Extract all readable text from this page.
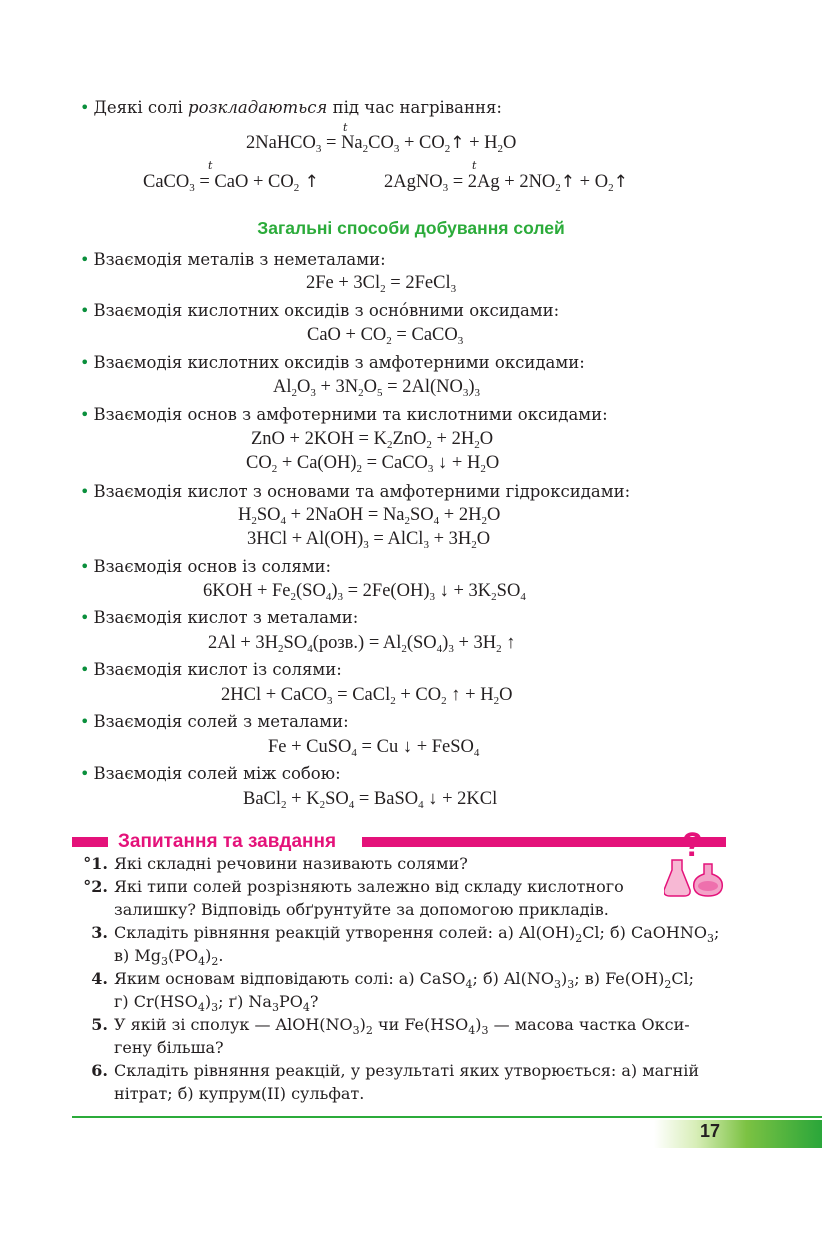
• Деякі солі розкладаються під час нагрівання:
t
2NaHCO$_3$ = $Na_2CO_3$ + $CO_2↑ + H_2O$
t
CaCO$_3$ = CaO + $CO_2$ ↑
t
2AgNO$_3$ = $2Ag + 2NO_2↑$ + $O_2↑$
Загальні способи добування солей
• Взаємодія металів з неметалами:
• Взаємодія кислотних оксидів з оснóвними оксидами:
• Взаємодія кислотних оксидів з амфотерними оксидами:
• Взаємодія основ з амфотерними та кислотними оксидами:
• Взаємодія кислот з основами та амфотерними гідроксидами:
• Взаємодія основ із солями:
• Взаємодія кислот з металами:
• Взаємодія кислот із солями:
• Взаємодія солей з металами:
• Взаємодія солей між собою:
$2Fe + 3Cl_2$ = 2FeCl$_3$
CaO + $CO_2$ = CaCO$_3$
$Al_2O_3 + 3N_2O_5 = 2Al(NO_3)_3$
ZnO + $2KOH = K_2ZnO_2 + 2H_2O$
$CO_2 + Ca(OH)_2$ = CaCO$_3$ ↓ + $H_2O$
$H_2SO_4$ + 2NaOH = $Na_2SO_4 + 2H_2O$
$3HCl + Al(OH)_3$ = AlCl$_3$ + $3H_2O$
$6KOH + Fe_2(SO_4)_3 = 2Fe(OH)_3$ ↓ + $3K_2SO_4$
$2Al + 3H_2SO_4(розв.) = Al_2(SO_4)_3 + 3H_2$ ↑
2HCl + CaCO$_3$ = CaCl$_2$ + $CO_2$ ↑ + $H_2O$
Fe + CuSO$_4$ = Cu ↓ + FeSO$_4$
BaCl$_2$ + $K_2SO_4$ = BaSO$_4$ ↓ + 2KCl
Запитання та завдання	?
°1. Які складні речовини називають солями?
°2. Які типи солей розрізняють залежно від складу кислотного
залишку? Відповідь обґрунтуйте за допомогою прикладів.
3. Складіть рівняння реакцій утворення солей: а) $Al(OH)_2Cl$; б) CaOHNO$_3$;
в) $Mg_3(PO_4)_2$.
4. Яким основам відповідають солі: а) CaSO$_4$; б) $Al(NO_3)_3$; в) $Fe(OH)_2Cl$;
г) $Cr(HSO_4)_3$; ґ) $Na_3PO_4$?
5. У якій зі сполук — $AlOH(NO_3)_2$ чи $Fe(HSO_4)_3$ — масова частка Окси-
гену більша?
6. Складіть рівняння реакцій, у результаті яких утворюється: а) магній
нітрат; б) купрум(ІІ) сульфат.
17
